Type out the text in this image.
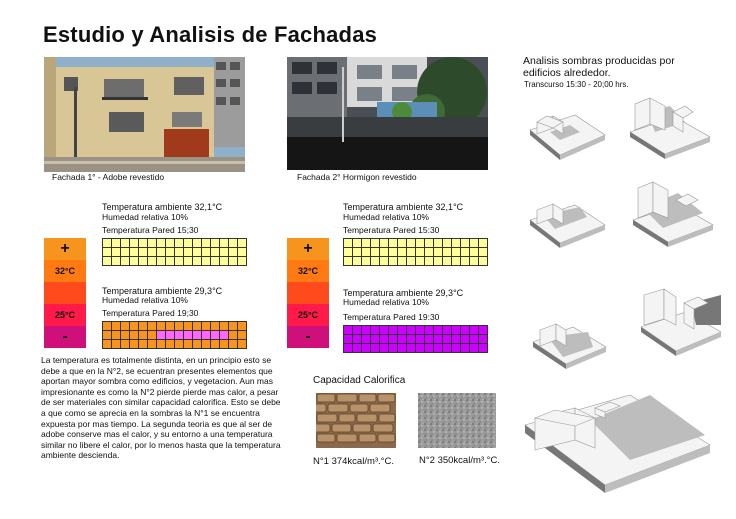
Estudio y Analisis de Fachadas
Fachada 1° - Adobe revestido	Fachada 2° Hormigon revestido
Temperatura ambiente 32,1°C
Humedad relativa 10%
Temperatura Pared 15;30
Temperatura ambiente 29,3°C
Humedad relativa 10%
Temperatura Pared 19;30
Temperatura ambiente 32,1°C
Humedad relativa 10%
Temperatura Pared 15:30
Temperatura ambiente 29,3°C
Humedad relativa 10%
Temperatura Pared 19:30
+
32°C
25°C
-
+
32°C
25°C
-
La temperatura es totalmente distinta, en un principio esto se debe a que en la N°2, se ecuentran presentes elementos que aportan mayor sombra como edificios, y vegetacion. Aun mas impresionante es como la N°2 pierde pierde mas calor, a pesar de ser materiales con similar capacidad calorifica. Esto se debe a que como se aprecia en la sombras la N°1 se encuentra expuesta por mas tiempo. La segunda teoria es que al ser de adobe conserve mas el calor, y su entorno a una temperatura similar no libere el calor, por lo menos hasta que la temperatura ambiente descienda.
Capacidad Calorifica
N°1 374kcal/m³.°C.	N°2 350kcal/m³.°C.
Analisis sombras producidas por edificios alrededor.
Transcurso 15:30 - 20;00 hrs.
